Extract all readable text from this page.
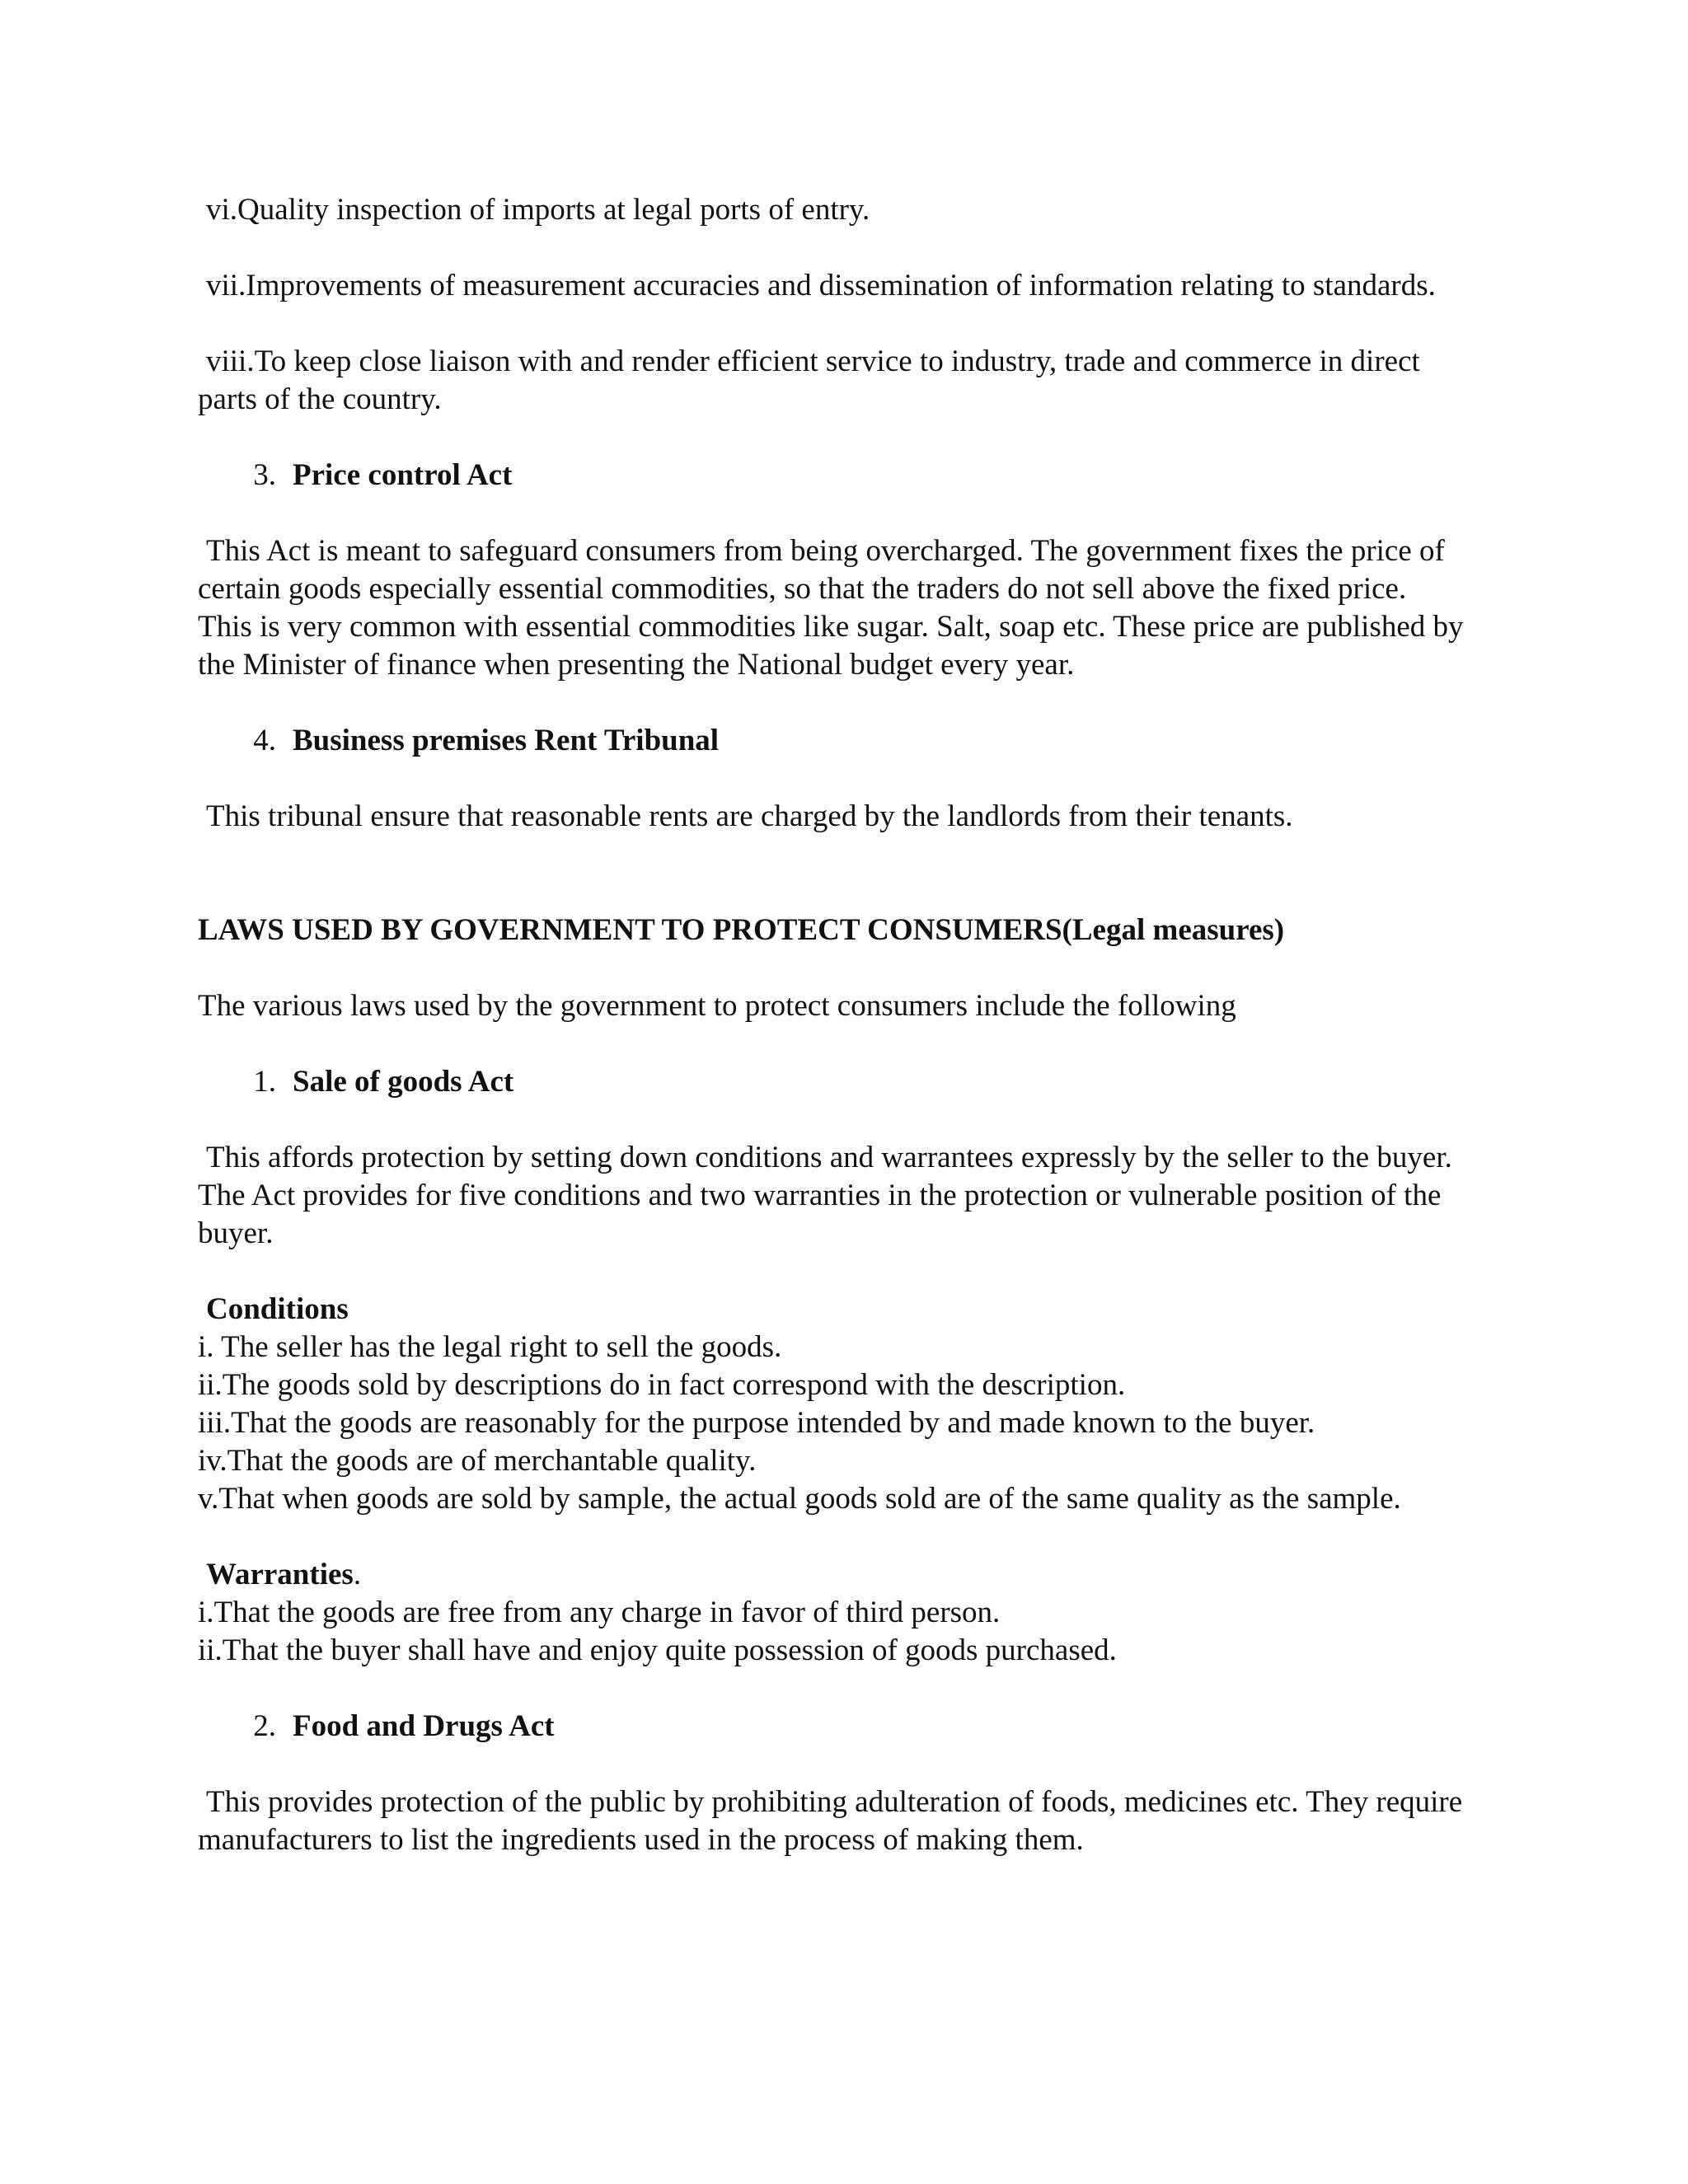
vi.Quality inspection of imports at legal ports of entry.

vii.Improvements of measurement accuracies and dissemination of information relating to standards.

viii.To keep close liaison with and render efficient service to industry, trade and commerce in direct parts of the country.

3. Price control Act

This Act is meant to safeguard consumers from being overcharged. The government fixes the price of certain goods especially essential commodities, so that the traders do not sell above the fixed price. This is very common with essential commodities like sugar. Salt, soap etc. These price are published by the Minister of finance when presenting the National budget every year.

4. Business premises Rent Tribunal

This tribunal ensure that reasonable rents are charged by the landlords from their tenants.

LAWS USED BY GOVERNMENT TO PROTECT CONSUMERS(Legal measures)

The various laws used by the government to protect consumers include the following

1. Sale of goods Act

This affords protection by setting down conditions and warrantees expressly by the seller to the buyer. The Act provides for five conditions and two warranties in the protection or vulnerable position of the buyer.

Conditions

i. The seller has the legal right to sell the goods.

ii.The goods sold by descriptions do in fact correspond with the description.

iii.That the goods are reasonably for the purpose intended by and made known to the buyer.

iv.That the goods are of merchantable quality.

v.That when goods are sold by sample, the actual goods sold are of the same quality as the sample.

Warranties.

i.That the goods are free from any charge in favor of third person.

ii.That the buyer shall have and enjoy quite possession of goods purchased.

2. Food and Drugs Act

This provides protection of the public by prohibiting adulteration of foods, medicines etc. They require manufacturers to list the ingredients used in the process of making them.
